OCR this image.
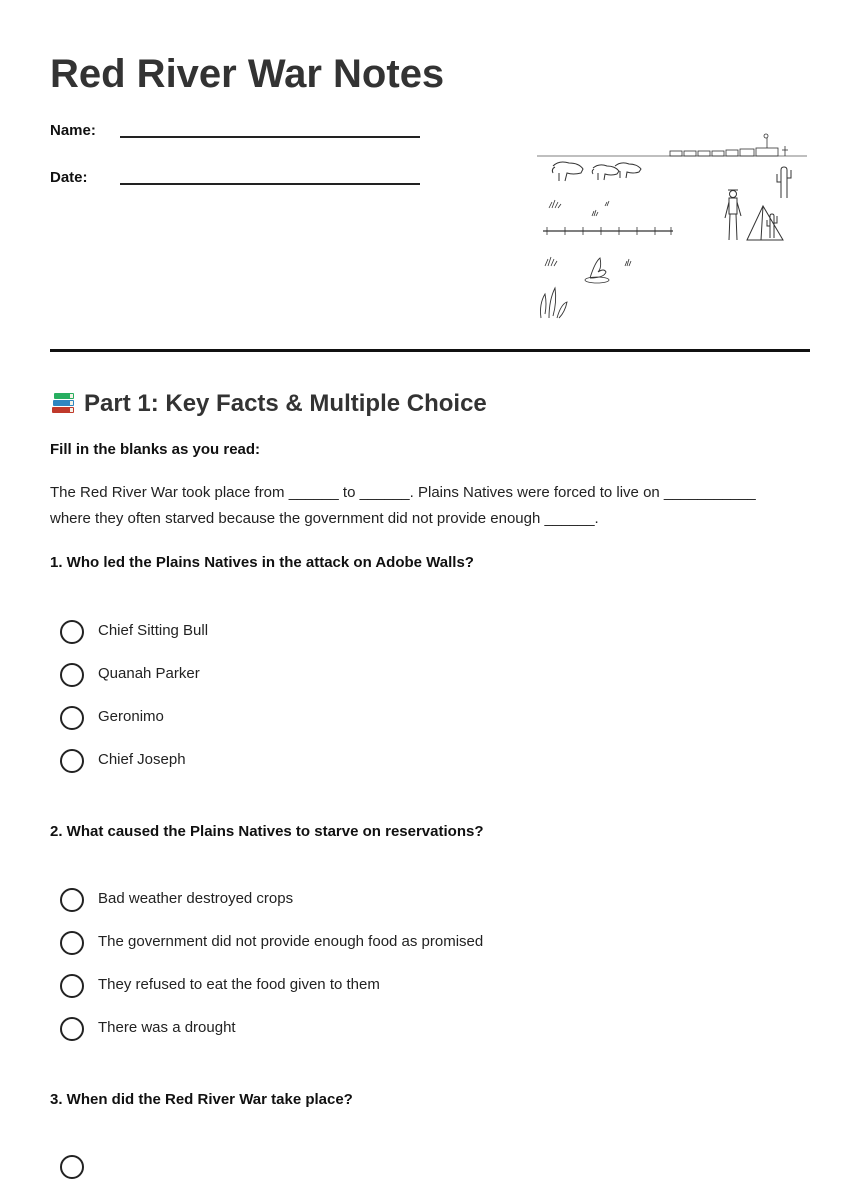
Red River War Notes
Name:
Date:
Part 1: Key Facts & Multiple Choice
Fill in the blanks as you read:
The Red River War took place from ______ to ______. Plains Natives were forced to live on ___________ where they often starved because the government did not provide enough ______.
1. Who led the Plains Natives in the attack on Adobe Walls?
Chief Sitting Bull
Quanah Parker
Geronimo
Chief Joseph
2. What caused the Plains Natives to starve on reservations?
Bad weather destroyed crops
The government did not provide enough food as promised
They refused to eat the food given to them
There was a drought
3. When did the Red River War take place?
